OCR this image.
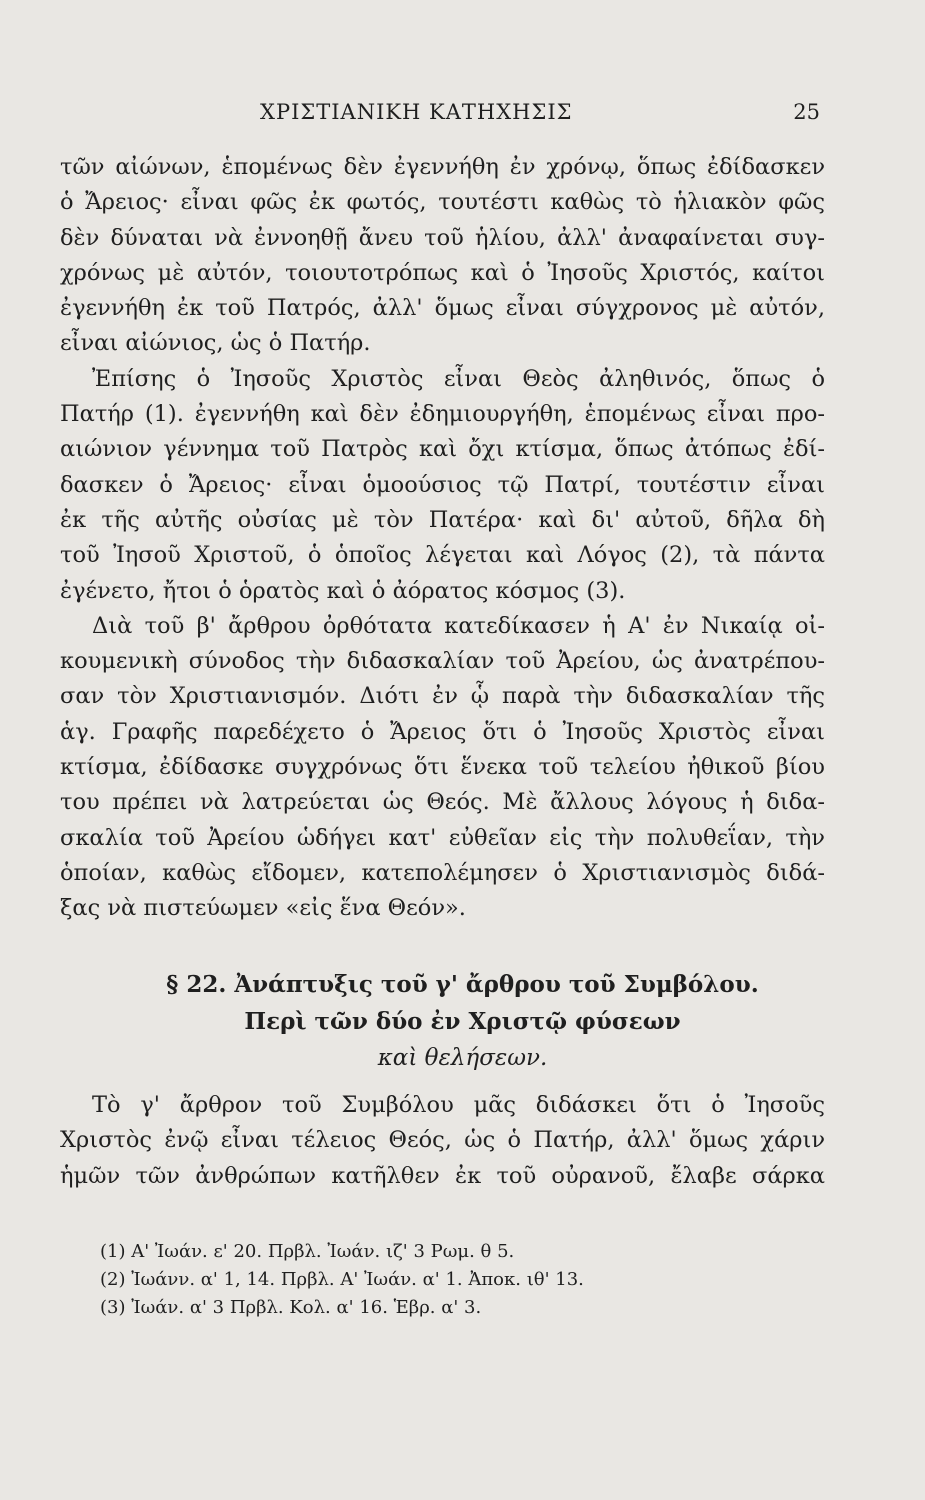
ΧΡΙΣΤΙΑΝΙΚΗ ΚΑΤΗΧΗΣΙΣ	25
τῶν αἰώνων, ἑπομένως δὲν ἐγεννήθη ἐν χρόνῳ, ὅπως ἐδίδασκεν
ὁ Ἄρειος· εἶναι φῶς ἐκ φωτός, τουτέστι καθὼς τὸ ἡλιακὸν φῶς
δὲν δύναται νὰ ἐννοηθῇ ἄνευ τοῦ ἡλίου, ἀλλ' ἀναφαίνεται συγ-
χρόνως μὲ αὐτόν, τοιουτοτρόπως καὶ ὁ Ἰησοῦς Χριστός, καίτοι
ἐγεννήθη ἐκ τοῦ Πατρός, ἀλλ' ὅμως εἶναι σύγχρονος μὲ αὐτόν,
εἶναι αἰώνιος, ὡς ὁ Πατήρ.
Ἐπίσης ὁ Ἰησοῦς Χριστὸς εἶναι Θεὸς ἀληθινός, ὅπως ὁ
Πατήρ (1). ἐγεννήθη καὶ δὲν ἐδημιουργήθη, ἑπομένως εἶναι προ-
αιώνιον γέννημα τοῦ Πατρὸς καὶ ὄχι κτίσμα, ὅπως ἀτόπως ἐδί-
δασκεν ὁ Ἄρειος· εἶναι ὁμοούσιος τῷ Πατρί, τουτέστιν εἶναι
ἐκ τῆς αὐτῆς οὐσίας μὲ τὸν Πατέρα· καὶ δι' αὐτοῦ, δῆλα δὴ
τοῦ Ἰησοῦ Χριστοῦ, ὁ ὁποῖος λέγεται καὶ Λόγος (2), τὰ πάντα
ἐγένετο, ἤτοι ὁ ὁρατὸς καὶ ὁ ἀόρατος κόσμος (3).
Διὰ τοῦ β' ἄρθρου ὀρθότατα κατεδίκασεν ἡ Α' ἐν Νικαίᾳ οἰ-
κουμενικὴ σύνοδος τὴν διδασκαλίαν τοῦ Ἀρείου, ὡς ἀνατρέπου-
σαν τὸν Χριστιανισμόν. Διότι ἐν ᾧ παρὰ τὴν διδασκαλίαν τῆς
ἁγ. Γραφῆς παρεδέχετο ὁ Ἄρειος ὅτι ὁ Ἰησοῦς Χριστὸς εἶναι
κτίσμα, ἐδίδασκε συγχρόνως ὅτι ἕνεκα τοῦ τελείου ἠθικοῦ βίου
του πρέπει νὰ λατρεύεται ὡς Θεός. Μὲ ἄλλους λόγους ἡ διδα-
σκαλία τοῦ Ἀρείου ὡδήγει κατ' εὐθεῖαν εἰς τὴν πολυθεΐαν, τὴν
ὁποίαν, καθὼς εἴδομεν, κατεπολέμησεν ὁ Χριστιανισμὸς διδά-
ξας νὰ πιστεύωμεν «εἰς ἕνα Θεόν».
§ 22. Ἀνάπτυξις τοῦ γ' ἄρθρου τοῦ Συμβόλου.
Περὶ τῶν δύο ἐν Χριστῷ φύσεων
καὶ θελήσεων.
Τὸ γ' ἄρθρον τοῦ Συμβόλου μᾶς διδάσκει ὅτι ὁ Ἰησοῦς
Χριστὸς ἐνῷ εἶναι τέλειος Θεός, ὡς ὁ Πατήρ, ἀλλ' ὅμως χάριν
ἡμῶν τῶν ἀνθρώπων κατῆλθεν ἐκ τοῦ οὐρανοῦ, ἔλαβε σάρκα
(1) Α' Ἰωάν. ε' 20. Πρβλ. Ἰωάν. ιζ' 3 Ρωμ. θ 5.
(2) Ἰωάνν. α' 1, 14. Πρβλ. Α' Ἰωάν. α' 1. Ἀποκ. ιθ' 13.
(3) Ἰωάν. α' 3 Πρβλ. Κολ. α' 16. Ἑβρ. α' 3.
